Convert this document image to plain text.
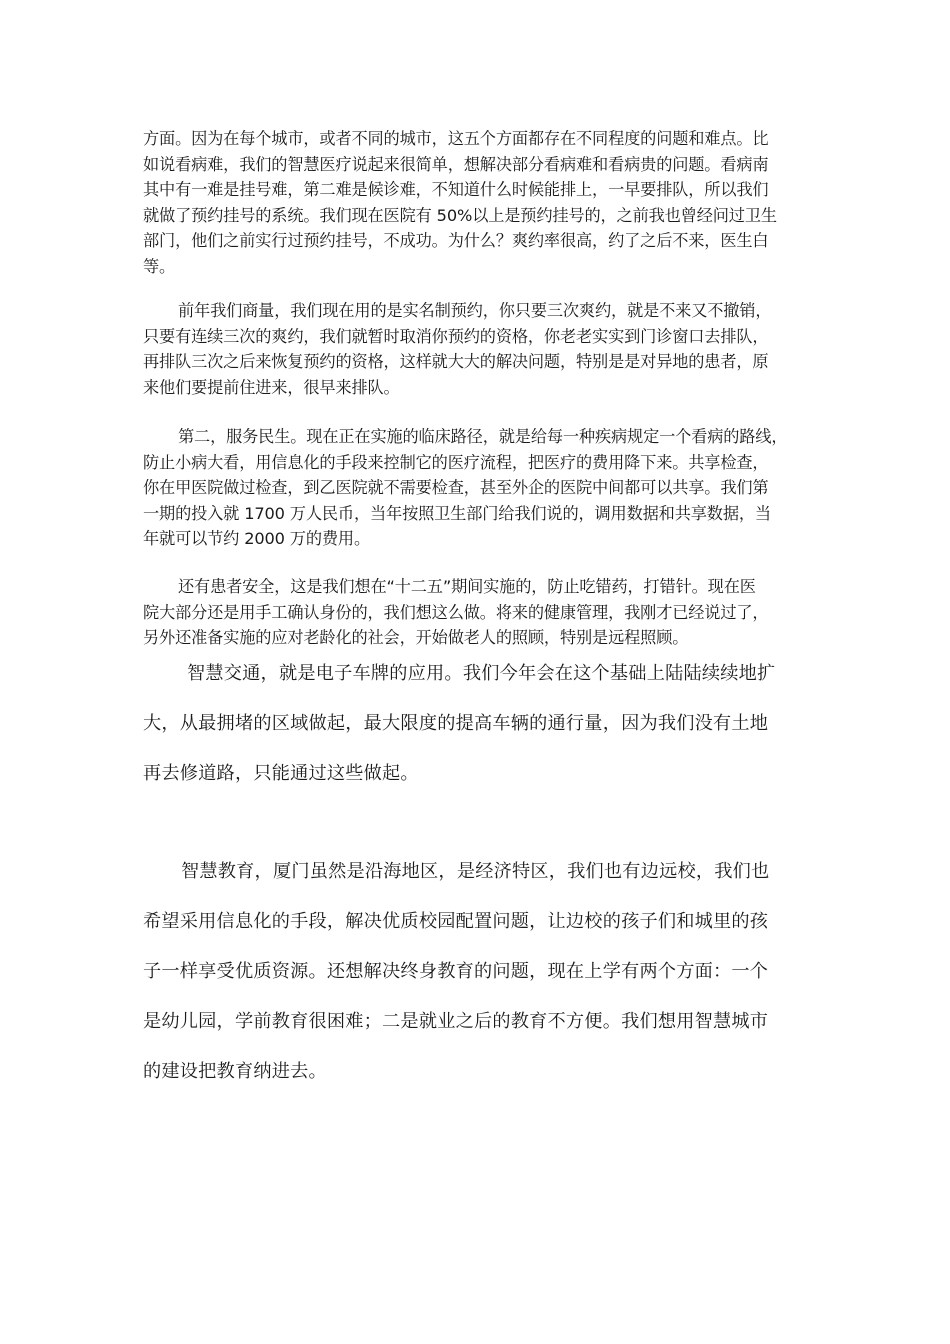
方面。因为在每个城市，或者不同的城市，这五个方面都存在不同程度的问题和难点。比
如说看病难，我们的智慧医疗说起来很简单，想解决部分看病难和看病贵的问题。看病南
其中有一难是挂号难，第二难是候诊难，不知道什么时候能排上，一早要排队，所以我们
就做了预约挂号的系统。我们现在医院有 50%以上是预约挂号的，之前我也曾经问过卫生
部门，他们之前实行过预约挂号，不成功。为什么？爽约率很高，约了之后不来，医生白
等。

前年我们商量，我们现在用的是实名制预约，你只要三次爽约，就是不来又不撤销，
只要有连续三次的爽约，我们就暂时取消你预约的资格，你老老实实到门诊窗口去排队，
再排队三次之后来恢复预约的资格，这样就大大的解决问题，特别是是对异地的患者，原
来他们要提前住进来，很早来排队。

第二，服务民生。现在正在实施的临床路径，就是给每一种疾病规定一个看病的路线，
防止小病大看，用信息化的手段来控制它的医疗流程，把医疗的费用降下来。共享检查，
你在甲医院做过检查，到乙医院就不需要检查，甚至外企的医院中间都可以共享。我们第
一期的投入就 1700 万人民币，当年按照卫生部门给我们说的，调用数据和共享数据，当
年就可以节约 2000 万的费用。

还有患者安全，这是我们想在“十二五”期间实施的，防止吃错药，打错针。现在医
院大部分还是用手工确认身份的，我们想这么做。将来的健康管理，我刚才已经说过了，
另外还准备实施的应对老龄化的社会，开始做老人的照顾，特别是远程照顾。

智慧交通，就是电子车牌的应用。我们今年会在这个基础上陆陆续续地扩
大，从最拥堵的区域做起，最大限度的提高车辆的通行量，因为我们没有土地
再去修道路，只能通过这些做起。

智慧教育，厦门虽然是沿海地区，是经济特区，我们也有边远校，我们也
希望采用信息化的手段，解决优质校园配置问题，让边校的孩子们和城里的孩
子一样享受优质资源。还想解决终身教育的问题，现在上学有两个方面：一个
是幼儿园，学前教育很困难；二是就业之后的教育不方便。我们想用智慧城市
的建设把教育纳进去。
